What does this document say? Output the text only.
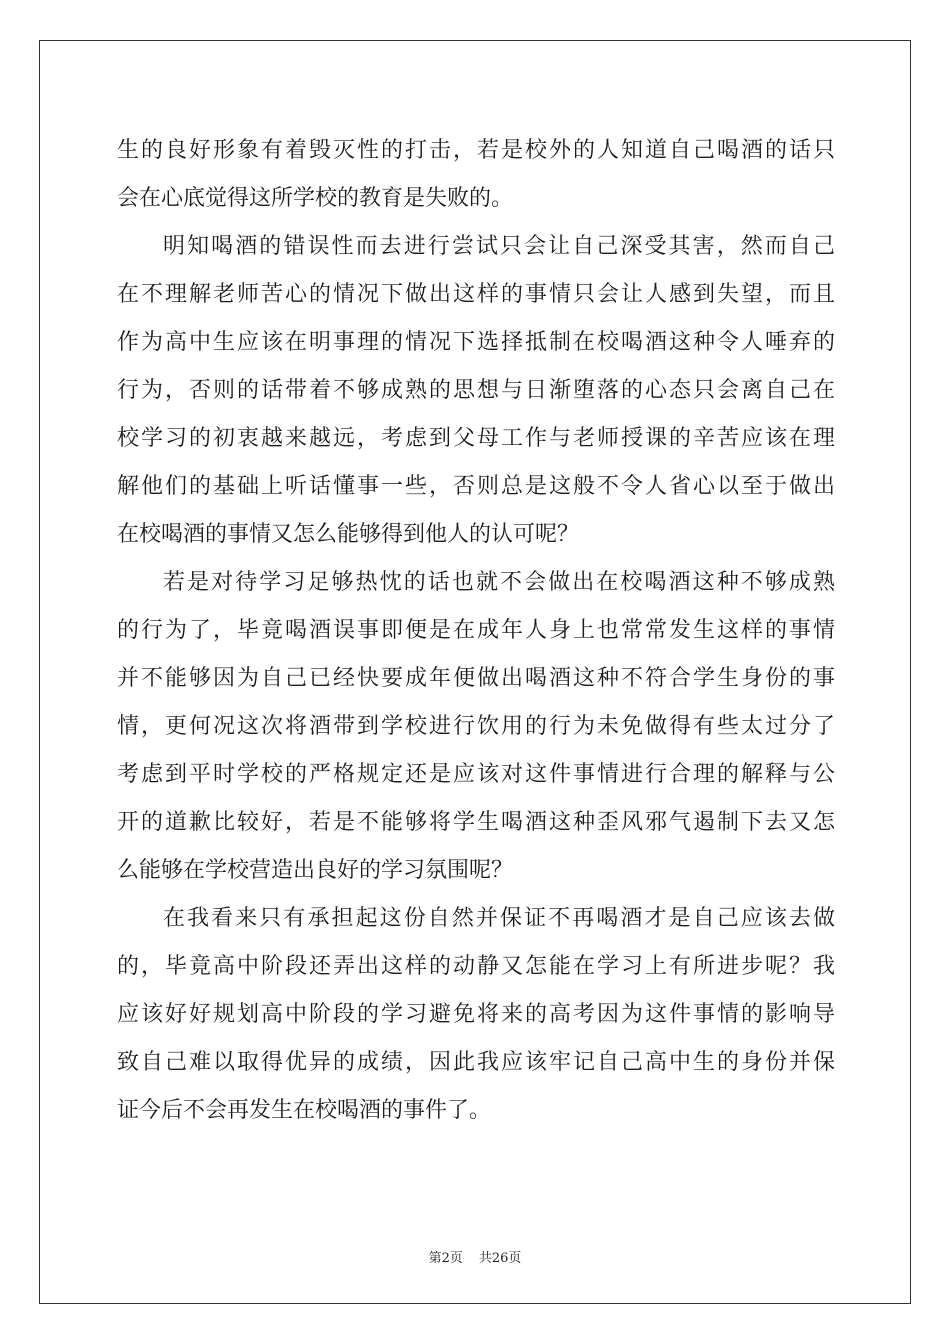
生的良好形象有着毁灭性的打击，若是校外的人知道自己喝酒的话只
会在心底觉得这所学校的教育是失败的。
明知喝酒的错误性而去进行尝试只会让自己深受其害，然而自己
在不理解老师苦心的情况下做出这样的事情只会让人感到失望，而且
作为高中生应该在明事理的情况下选择抵制在校喝酒这种令人唾弃的
行为，否则的话带着不够成熟的思想与日渐堕落的心态只会离自己在
校学习的初衷越来越远，考虑到父母工作与老师授课的辛苦应该在理
解他们的基础上听话懂事一些，否则总是这般不令人省心以至于做出
在校喝酒的事情又怎么能够得到他人的认可呢？
若是对待学习足够热忱的话也就不会做出在校喝酒这种不够成熟
的行为了，毕竟喝酒误事即便是在成年人身上也常常发生这样的事情
并不能够因为自己已经快要成年便做出喝酒这种不符合学生身份的事
情，更何况这次将酒带到学校进行饮用的行为未免做得有些太过分了
考虑到平时学校的严格规定还是应该对这件事情进行合理的解释与公
开的道歉比较好，若是不能够将学生喝酒这种歪风邪气遏制下去又怎
么能够在学校营造出良好的学习氛围呢？
在我看来只有承担起这份自然并保证不再喝酒才是自己应该去做
的，毕竟高中阶段还弄出这样的动静又怎能在学习上有所进步呢？我
应该好好规划高中阶段的学习避免将来的高考因为这件事情的影响导
致自己难以取得优异的成绩，因此我应该牢记自己高中生的身份并保
证今后不会再发生在校喝酒的事件了。
第2页 共26页
